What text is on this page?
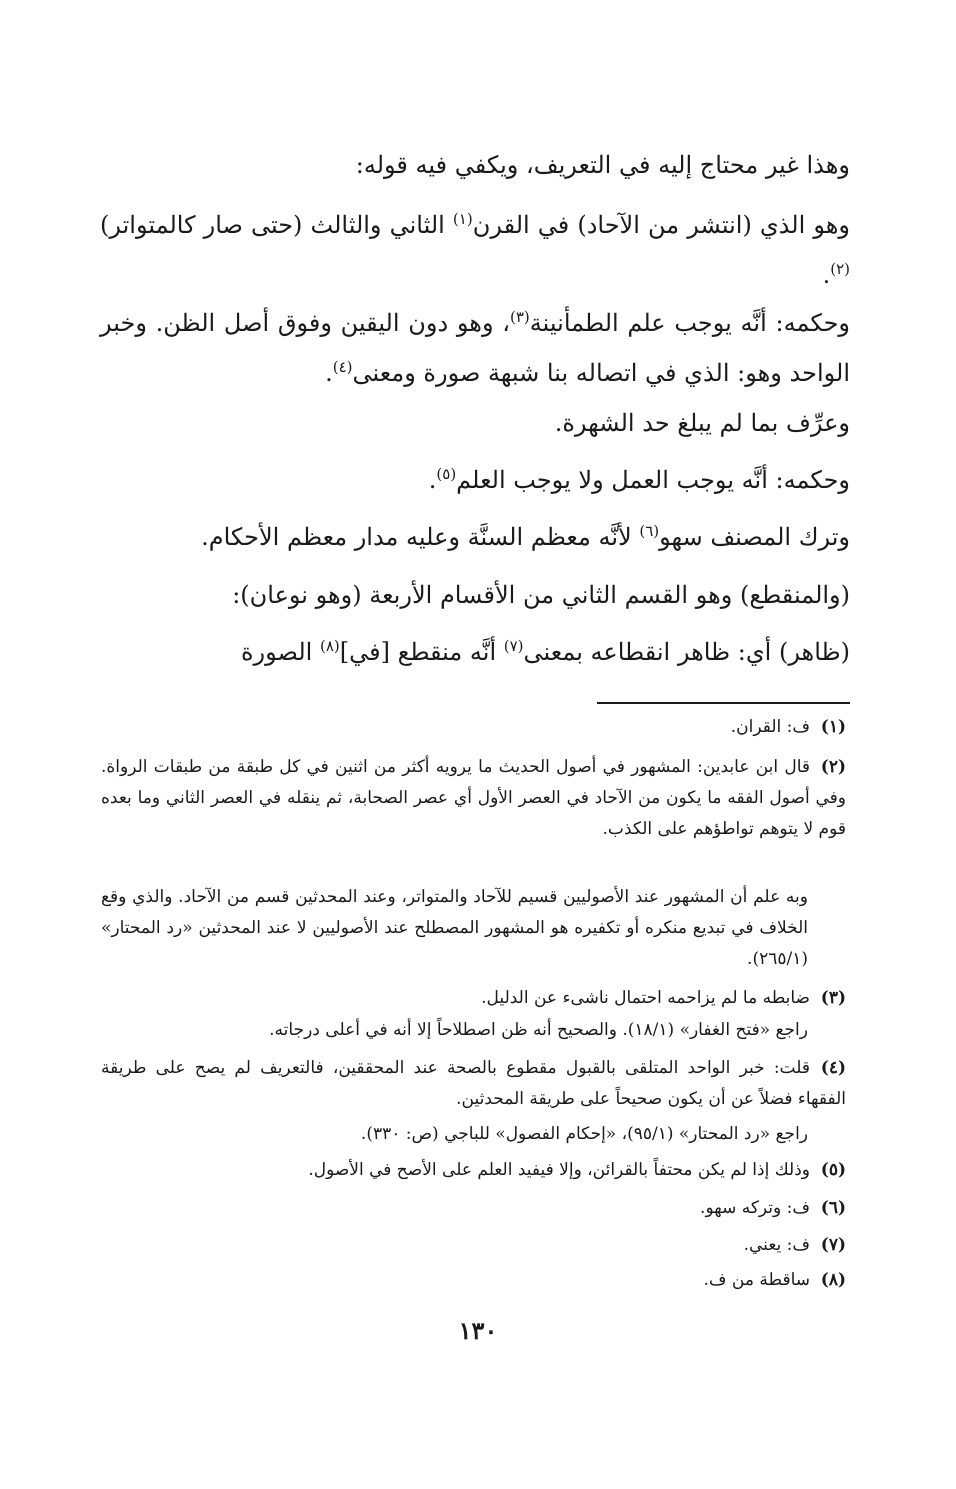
وهذا غير محتاج إليه في التعريف، ويكفي فيه قوله:

وهو الذي (انتشر من الآحاد) في القرن$^{(١)}$ الثاني والثالث (حتى صار كالمتواتر)$^{(٢)}$.

وحكمه: أنَّه يوجب علم الطمأنينة$^{(٣)}$، وهو دون اليقين وفوق أصل الظن. وخبر الواحد وهو: الذي في اتصاله بنا شبهة صورة ومعنى$^{(٤)}$.

وعرِّف بما لم يبلغ حد الشهرة.

وحكمه: أنَّه يوجب العمل ولا يوجب العلم$^{(٥)}$.

وترك المصنف سهو$^{(٦)}$ لأنَّه معظم السنَّة وعليه مدار معظم الأحكام.

(والمنقطع) وهو القسم الثاني من الأقسام الأربعة (وهو نوعان):

(ظاهر) أي: ظاهر انقطاعه بمعنى$^{(٧)}$ أنَّه منقطع [في]$^{(٨)}$ الصورة

(١)ف: القران.

(٢)قال ابن عابدين: المشهور في أصول الحديث ما يرويه أكثر من اثنين في كل طبقة من طبقات الرواة. وفي أصول الفقه ما يكون من الآحاد في العصر الأول أي عصر الصحابة، ثم ينقله في العصر الثاني وما بعده قوم لا يتوهم تواطؤهم على الكذب.

وبه علم أن المشهور عند الأصوليين قسيم للآحاد والمتواتر، وعند المحدثين قسم من الآحاد. والذي وقع الخلاف في تبديع منكره أو تكفيره هو المشهور المصطلح عند الأصوليين لا عند المحدثين «رد المحتار» (٢٦٥/١).

(٣)ضابطه ما لم يزاحمه احتمال ناشىء عن الدليل.

راجع «فتح الغفار» (١٨/١). والصحيح أنه ظن اصطلاحاً إلا أنه في أعلى درجاته.

(٤)قلت: خبر الواحد المتلقى بالقبول مقطوع بالصحة عند المحققين، فالتعريف لم يصح على طريقة الفقهاء فضلاً عن أن يكون صحيحاً على طريقة المحدثين.

راجع «رد المحتار» (٩٥/١)، «إحكام الفصول» للباجي (ص: ٣٣٠).

(٥)وذلك إذا لم يكن محتفاً بالقرائن، وإلا فيفيد العلم على الأصح في الأصول.

(٦)ف: وتركه سهو.

(٧)ف: يعني.

(٨)ساقطة من ف.

١٣٠
